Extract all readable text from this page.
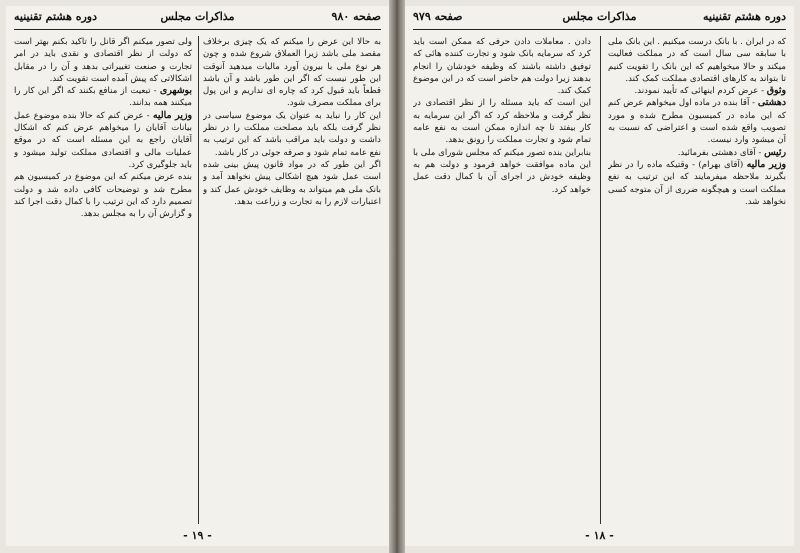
صفحه ۹۸۰
مذاکرات مجلس
دوره هشتم تقنینیه

به حالا این عرض را میکنم که یک چیزی برخلاف مقصد ملی باشد زیرا العملاق شروع شده و چون هر نوع ملی با بیرون آورد مالیات میدهید آنوقت این طور نیست که اگر این طور باشد و آن باشد قطعاً باید قبول کرد که چاره ای نداریم و این پول برای مملکت مصرف شود.

این کار را نباید به عنوان یک موضوع سیاسی در نظر گرفت بلکه باید مصلحت مملکت را در نظر داشت و دولت باید مراقب باشد که این ترتیب به نفع عامه تمام شود و صرفه جوئی در کار باشد.

اگر این طور که در مواد قانون پیش بینی شده است عمل شود هیچ اشکالی پیش نخواهد آمد و بانک ملی هم میتواند به وظایف خودش عمل کند و اعتبارات لازم را به تجارت و زراعت بدهد.

ولی تصور میکنم اگر قانل را تاکید بکنم بهتر است که دولت از نظر اقتصادی و نقدی باید در امر تجارت و صنعت تغییراتی بدهد و آن را در مقابل اشکالاتی که پیش آمده است تقویت کند.

بوشهری - تبعیت از منافع بکنند که اگر این کار را میکنند همه بدانند.

وزیر مالیه - عرض کنم که حالا بنده موضوع عمل بیانات آقایان را میخواهم عرض کنم که اشکال آقایان راجع به این مسئله است که در موقع عملیات مالی و اقتصادی مملکت تولید میشود و باید جلوگیری کرد.

بنده عرض میکنم که این موضوع در کمیسیون هم مطرح شد و توضیحات کافی داده شد و دولت تصمیم دارد که این ترتیب را با کمال دقت اجرا کند و گزارش آن را به مجلس بدهد.

- ۱۹ -
دوره هشتم تقنینیه
مذاکرات مجلس
صفحه ۹۷۹

که در ایران . با بانک درست میکنیم . این بانک ملی با سابقه سی سال است که در مملکت فعالیت میکند و حالا میخواهیم که این بانک را تقویت کنیم تا بتواند به کارهای اقتصادی مملکت کمک کند.

وثوق - عرض کردم اینهائی که تأیید نمودند.

دهشتی - آقا بنده در ماده اول میخواهم عرض کنم که این ماده در کمیسیون مطرح شده و مورد تصویب واقع شده است و اعتراضی که نسبت به آن میشود وارد نیست.

رئیس - آقای دهشتی بفرمائید.

وزیر مالیه (آقای بهرام) - وقتیکه ماده را در نظر بگیرند ملاحظه میفرمایند که این ترتیب به نفع مملکت است و هیچگونه ضرری از آن متوجه کسی نخواهد شد.

دادن . معاملات دادن حرفی که ممکن است باید کرد که سرمایه بانک شود و تجارت کننده هائی که توفیق داشته باشند که وظیفه خودشان را انجام بدهند زیرا دولت هم حاضر است که در این موضوع کمک کند.

این است که باید مسئله را از نظر اقتصادی در نظر گرفت و ملاحظه کرد که اگر این سرمایه به کار بیفتد تا چه اندازه ممکن است به نفع عامه تمام شود و تجارت مملکت را رونق بدهد.

بنابراین بنده تصور میکنم که مجلس شورای ملی با این ماده موافقت خواهد فرمود و دولت هم به وظیفه خودش در اجرای آن با کمال دقت عمل خواهد کرد.

- ۱۸ -
